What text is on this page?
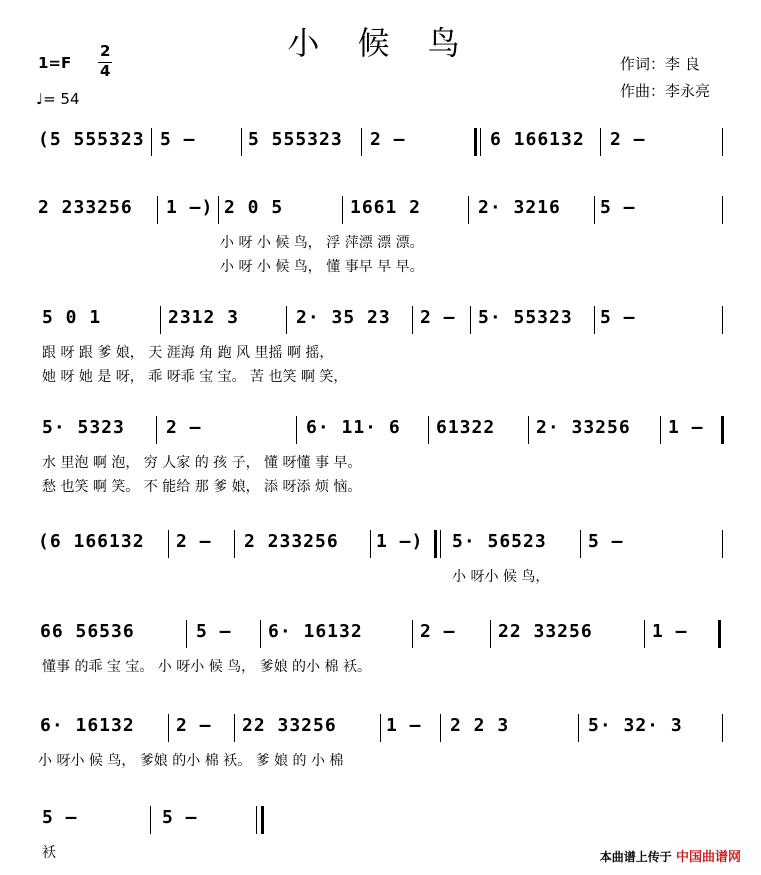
小 候 鸟
1=F
2
4
♩= 54
作词：李 良
作曲：李永亮
(5 555323 5 –	5 555323 2 –	6 166132 2 –
2 233256 1 –) 2 0 5	1661 2	2· 3216 5 –
小 呀 小 候 鸟， 浮 萍漂 漂 漂。
小 呀 小 候 鸟， 懂 事早 早 早。
5 0 1	2312 3	2· 35 23 2 – 5· 55323 5 –
跟 呀 跟 爹 娘， 天 涯海 角 跑 风 里摇 啊 摇，
她 呀 她 是 呀， 乖 呀乖 宝 宝。 苦 也笑 啊 笑，
5· 5323 2 –	6· 11· 6 61322 2· 33256 1 –
水 里泡 啊 泡， 穷 人家 的 孩 子， 懂 呀懂 事 早。
愁 也笑 啊 笑。 不 能给 那 爹 娘， 添 呀添 烦 恼。
(6 166132 2 – 2 233256 1 –) 5· 56523 5 –
小 呀小 候 鸟，
66 56536	5 – 6· 16132	2 – 22 33256	1 –
懂事 的乖 宝 宝。 小 呀小 候 鸟， 爹娘 的小 棉 袄。
6· 16132 2 – 22 33256	1 – 2 2 3	5· 32· 3
小 呀小 候 鸟， 爹娘 的小 棉 袄。 爹 娘 的 小 棉
5 –	5 –
袄	本曲谱上传于 中国曲谱网
